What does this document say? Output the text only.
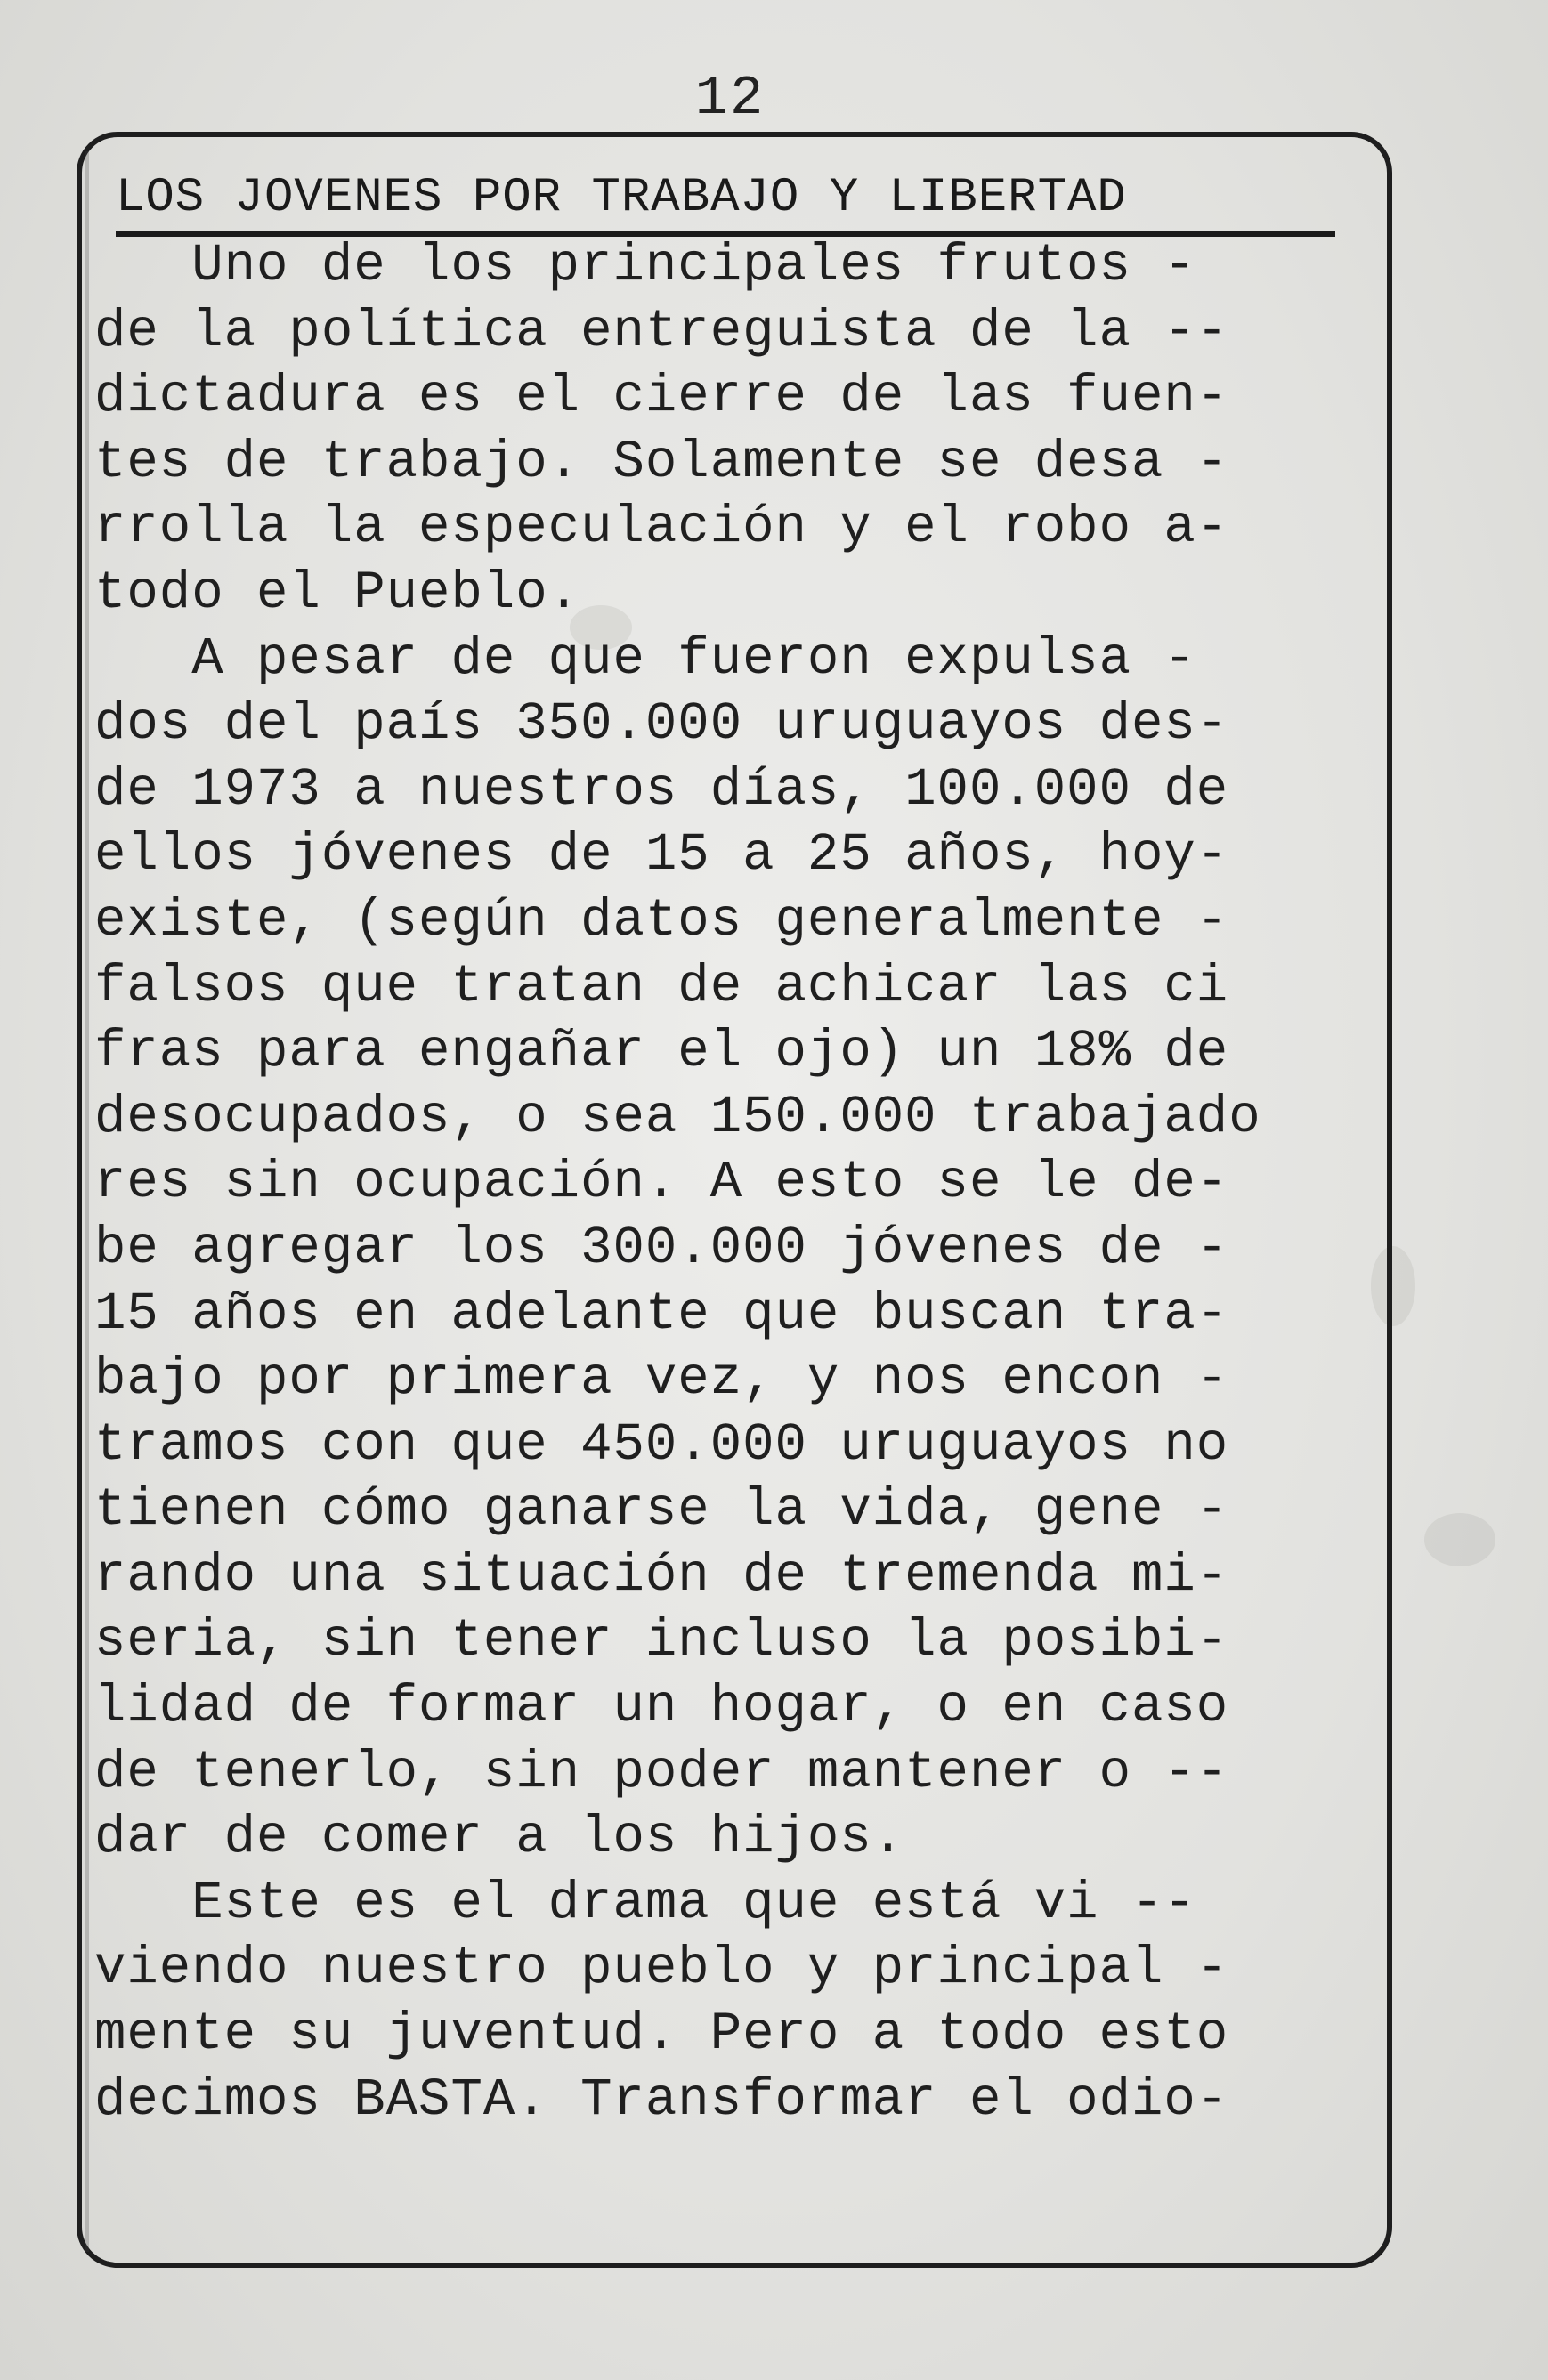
12
LOS JOVENES POR TRABAJO Y LIBERTAD
Uno de los principales frutos -
de la política entreguista de la --
dictadura es el cierre de las fuen-
tes de trabajo. Solamente se desa -
rrolla la especulación y el robo a-
todo el Pueblo.
A pesar de que fueron expulsa -
dos del país 350.000 uruguayos des-
de 1973 a nuestros días, 100.000 de
ellos jóvenes de 15 a 25 años, hoy-
existe, (según datos generalmente -
falsos que tratan de achicar las ci
fras para engañar el ojo) un 18% de
desocupados, o sea 150.000 trabajado
res sin ocupación. A esto se le de-
be agregar los 300.000 jóvenes de -
15 años en adelante que buscan tra-
bajo por primera vez, y nos encon -
tramos con que 450.000 uruguayos no
tienen cómo ganarse la vida, gene -
rando una situación de tremenda mi-
seria, sin tener incluso la posibi-
lidad de formar un hogar, o en caso
de tenerlo, sin poder mantener o --
dar de comer a los hijos.
Este es el drama que está vi --
viendo nuestro pueblo y principal -
mente su juventud. Pero a todo esto
decimos BASTA. Transformar el odio-
